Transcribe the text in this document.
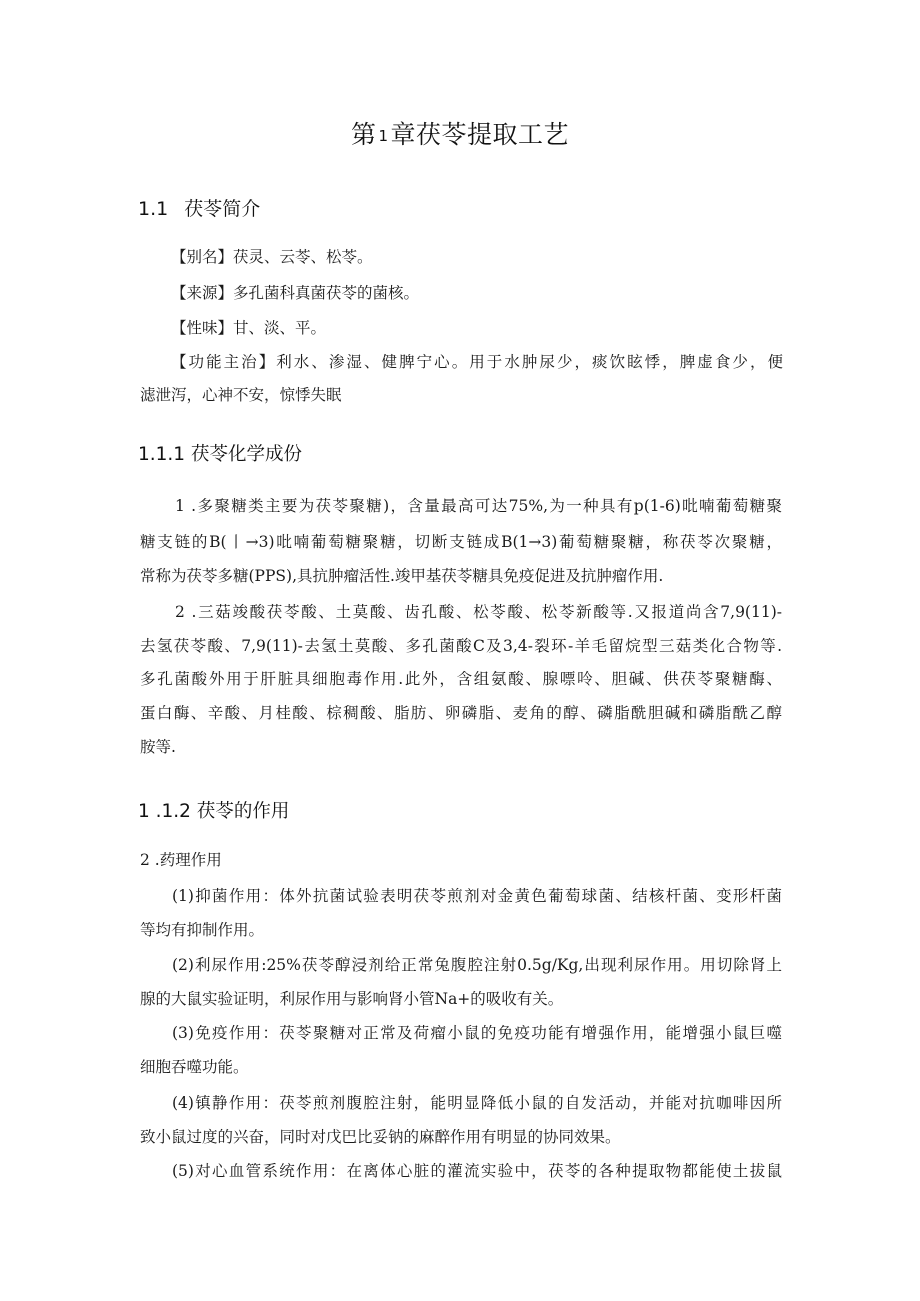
第 1章茯苓提取工艺
1.1 茯苓简介
【别名】茯灵、云苓、松苓。
【来源】多孔菌科真菌茯苓的菌核。
【性味】甘、淡、平。
【功能主治】利水、渗湿、健脾宁心。用于水肿尿少，痰饮眩悸，脾虚食少，便
滤泄泻，心神不安，惊悸失眠
1.1.1 茯苓化学成份
1 .多聚糖类主要为茯苓聚糖)，含量最高可达75%,为一种具有p(1-6)吡喃葡萄糖聚
糖支链的B(丨→3)吡喃葡萄糖聚糖，切断支链成B(1→3)葡萄糖聚糖，称茯苓次聚糖，
常称为茯苓多糖(PPS),具抗肿瘤活性.竣甲基茯苓糖具免疫促进及抗肿瘤作用.
2 .三菇竣酸茯苓酸、土莫酸、齿孔酸、松苓酸、松苓新酸等.又报道尚含7,9(11)-
去氢茯苓酸、7,9(11)-去氢土莫酸、多孔菌酸C及3,4-裂环-羊毛留烷型三菇类化合物等.
多孔菌酸外用于肝脏具细胞毒作用.此外，含组氨酸、腺嘌呤、胆碱、供茯苓聚糖酶、
蛋白酶、辛酸、月桂酸、棕稠酸、脂肪、卵磷脂、麦角的醇、磷脂酰胆碱和磷脂酰乙醇
胺等.
1 .1.2 茯苓的作用
2 .药理作用
(1)抑菌作用：体外抗菌试验表明茯苓煎剂对金黄色葡萄球菌、结核杆菌、变形杆菌
等均有抑制作用。
(2)利尿作用:25%茯苓醇浸剂给正常兔腹腔注射0.5g/Kg,出现利尿作用。用切除肾上
腺的大鼠实验证明，利尿作用与影响肾小管Na+的吸收有关。
(3)免疫作用：茯苓聚糖对正常及荷瘤小鼠的免疫功能有增强作用，能增强小鼠巨噬
细胞吞噬功能。
(4)镇静作用：茯苓煎剂腹腔注射，能明显降低小鼠的自发活动，并能对抗咖啡因所
致小鼠过度的兴奋，同时对戊巴比妥钠的麻醉作用有明显的协同效果。
(5)对心血管系统作用：在离体心脏的灌流实验中，茯苓的各种提取物都能使土拔鼠
